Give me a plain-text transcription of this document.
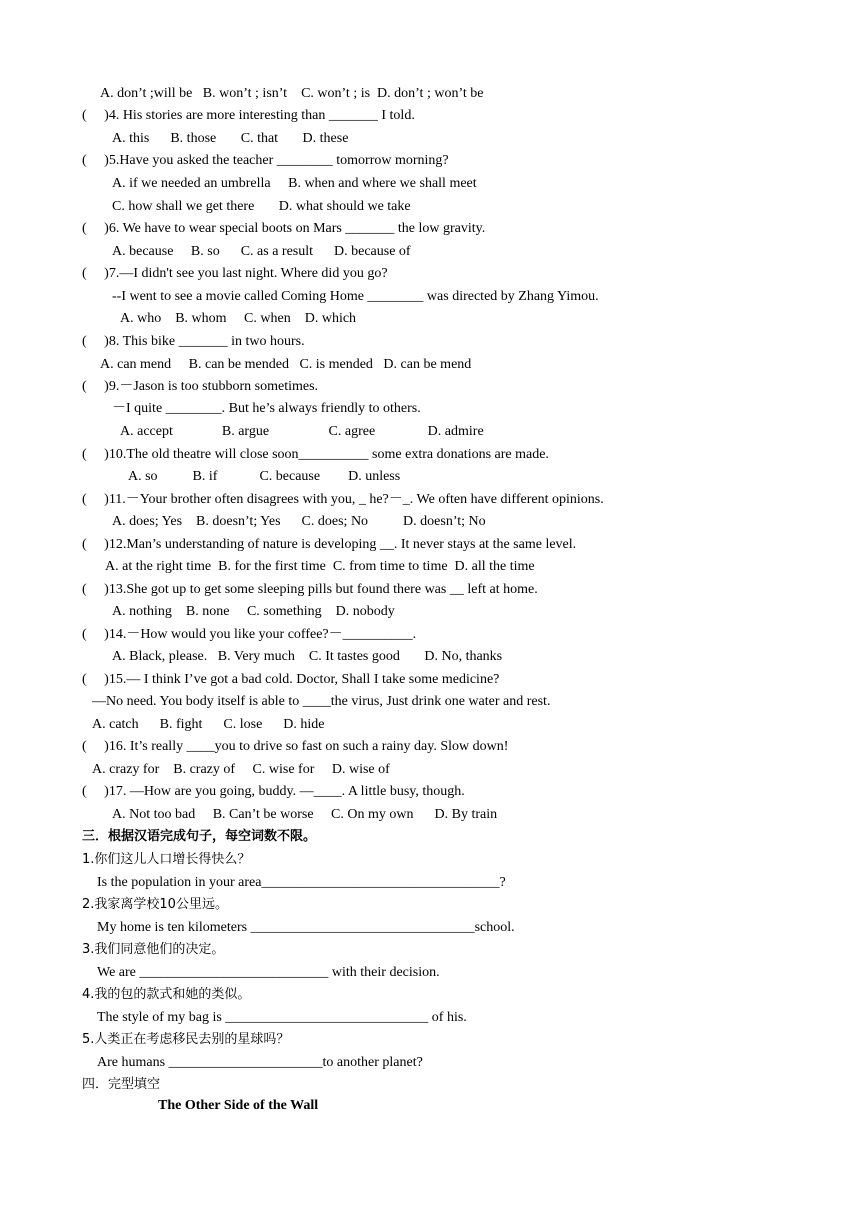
A. don’t ;will be   B. won’t ; isn’t    C. won’t ; is  D. don’t ; won’t be
(     )4. His stories are more interesting than _______ I told.
A. this      B. those       C. that       D. these
(     )5.Have you asked the teacher ________ tomorrow morning?
A. if we needed an umbrella     B. when and where we shall meet
C. how shall we get there       D. what should we take
(     )6. We have to wear special boots on Mars _______ the low gravity.
A. because     B. so      C. as a result      D. because of
(     )7.—I didn't see you last night. Where did you go?
--I went to see a movie called Coming Home ________ was directed by Zhang Yimou.
A. who    B. whom     C. when    D. which
(     )8. This bike _______ in two hours.
A. can mend     B. can be mended   C. is mended   D. can be mend
(     )9.－Jason is too stubborn sometimes.
－I quite ________. But he’s always friendly to others.
A. accept              B. argue                 C. agree               D. admire
(     )10.The old theatre will close soon__________ some extra donations are made.
A. so          B. if            C. because        D. unless
(     )11.－Your brother often disagrees with you, _ he?－_. We often have different opinions.
A. does; Yes    B. doesn’t; Yes      C. does; No          D. doesn’t; No
(     )12.Man’s understanding of nature is developing __. It never stays at the same level.
A. at the right time  B. for the first time  C. from time to time  D. all the time
(     )13.She got up to get some sleeping pills but found there was __ left at home.
A. nothing    B. none     C. something    D. nobody
(     )14.－How would you like your coffee?－__________.
A. Black, please.   B. Very much    C. It tastes good       D. No, thanks
(     )15.— I think I’ve got a bad cold. Doctor, Shall I take some medicine?
—No need. You body itself is able to ____the virus, Just drink one water and rest.
A. catch      B. fight      C. lose      D. hide
(     )16. It’s really ____you to drive so fast on such a rainy day. Slow down!
A. crazy for    B. crazy of     C. wise for     D. wise of
(     )17. —How are you going, buddy. —____. A little busy, though.
A. Not too bad     B. Can’t be worse     C. On my own      D. By train
三．根据汉语完成句子，每空词数不限。
1.你们这儿人口增长得快么？
Is the population in your area__________________________________?
2.我家离学校10公里远。
My home is ten kilometers ________________________________school.
3.我们同意他们的决定。
We are ___________________________ with their decision.
4.我的包的款式和她的类似。
The style of my bag is _____________________________ of his.
5.人类正在考虑移民去别的星球吗？
Are humans ______________________to another planet?
四．完型填空
The Other Side of the Wall
